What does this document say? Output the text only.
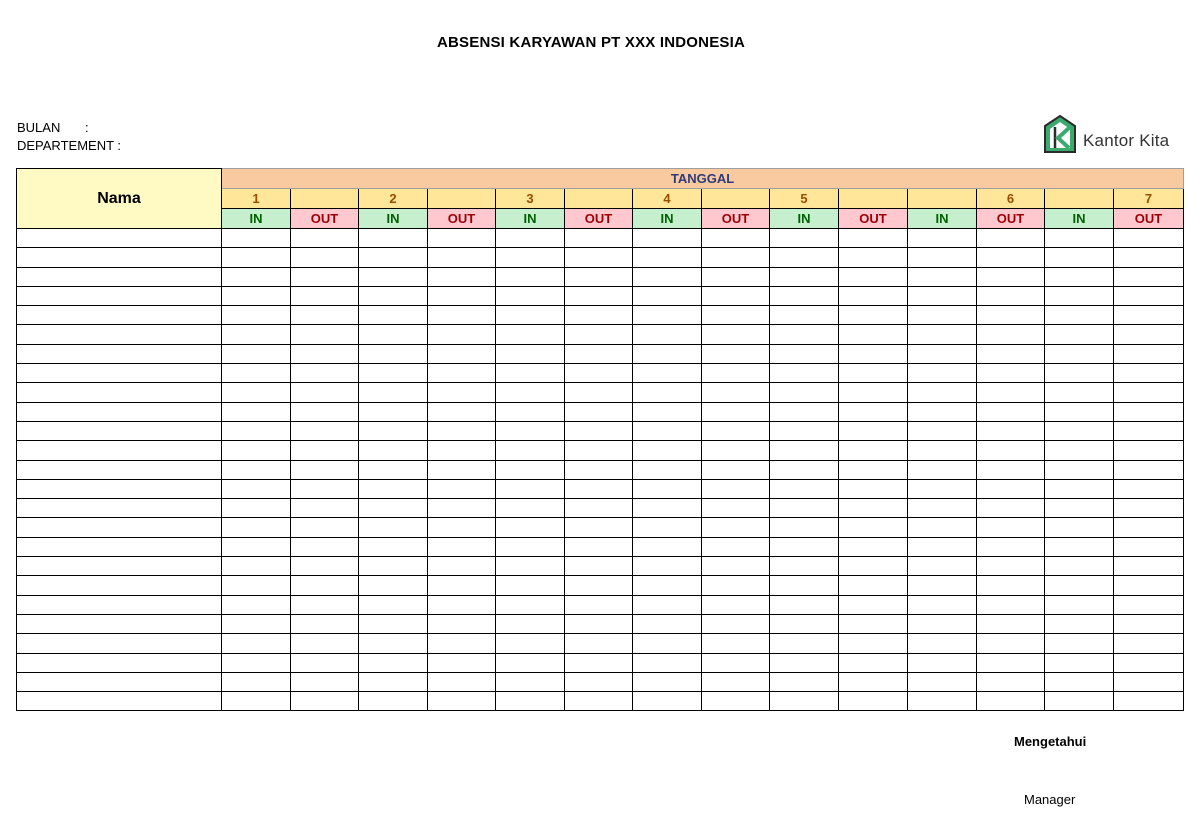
ABSENSI KARYAWAN PT XXX INDONESIA
BULAN :
DEPARTEMENT :	Kantor Kita
Nama	TANGGAL													
	1		2		3		4		5			6		7
	IN	OUT	IN	OUT	IN	OUT	IN	OUT	IN	OUT	IN	OUT	IN	OUT

Mengetahui
Manager
